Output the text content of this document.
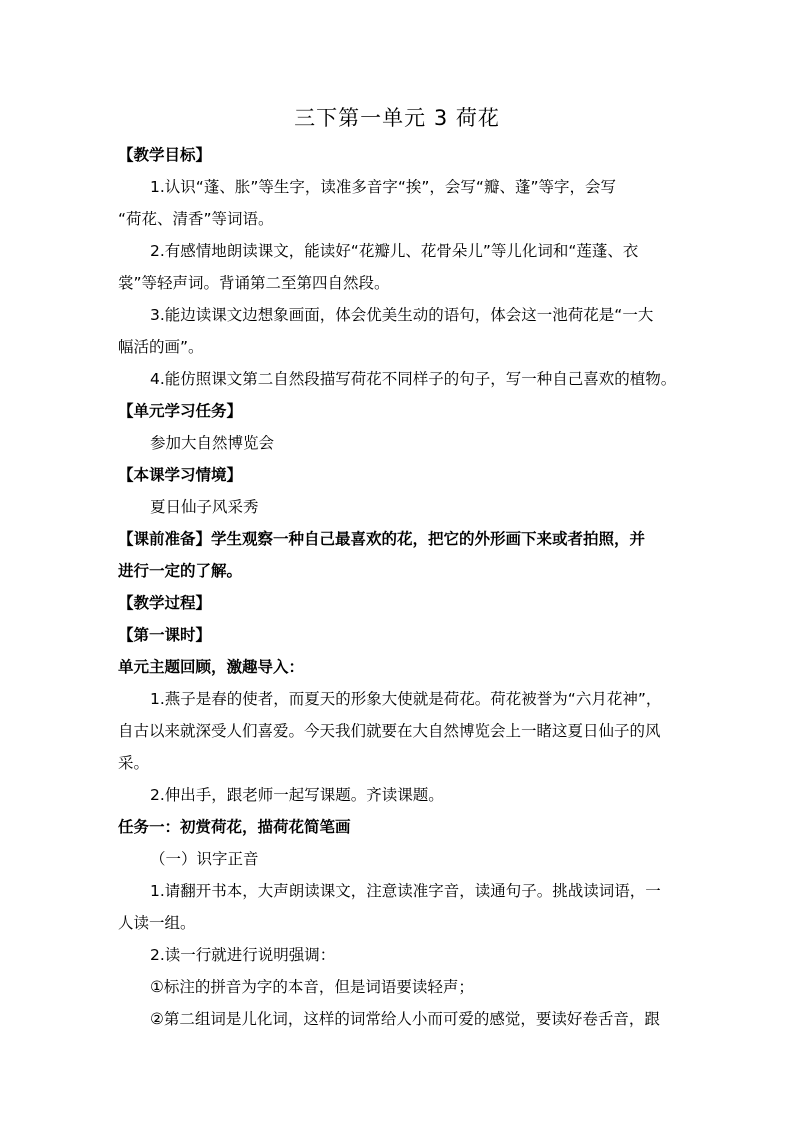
三下第一单元 3 荷花
【教学目标】
1.认识“蓬、胀”等生字，读准多音字“挨”，会写“瓣、蓬”等字，会写
“荷花、清香”等词语。
2.有感情地朗读课文，能读好“花瓣儿、花骨朵儿”等儿化词和“莲蓬、衣
裳”等轻声词。背诵第二至第四自然段。
3.能边读课文边想象画面，体会优美生动的语句，体会这一池荷花是“一大
幅活的画”。
4.能仿照课文第二自然段描写荷花不同样子的句子，写一种自己喜欢的植物。
【单元学习任务】
参加大自然博览会
【本课学习情境】
夏日仙子风采秀
【课前准备】学生观察一种自己最喜欢的花，把它的外形画下来或者拍照，并
进行一定的了解。
【教学过程】
【第一课时】
单元主题回顾，激趣导入：
1.燕子是春的使者，而夏天的形象大使就是荷花。荷花被誉为“六月花神”，
自古以来就深受人们喜爱。今天我们就要在大自然博览会上一睹这夏日仙子的风
采。
2.伸出手，跟老师一起写课题。齐读课题。
任务一：初赏荷花，描荷花简笔画
（一）识字正音
1.请翻开书本，大声朗读课文，注意读准字音，读通句子。挑战读词语，一
人读一组。
2.读一行就进行说明强调：
①标注的拼音为字的本音，但是词语要读轻声；
②第二组词是儿化词，这样的词常给人小而可爱的感觉，要读好卷舌音，跟
